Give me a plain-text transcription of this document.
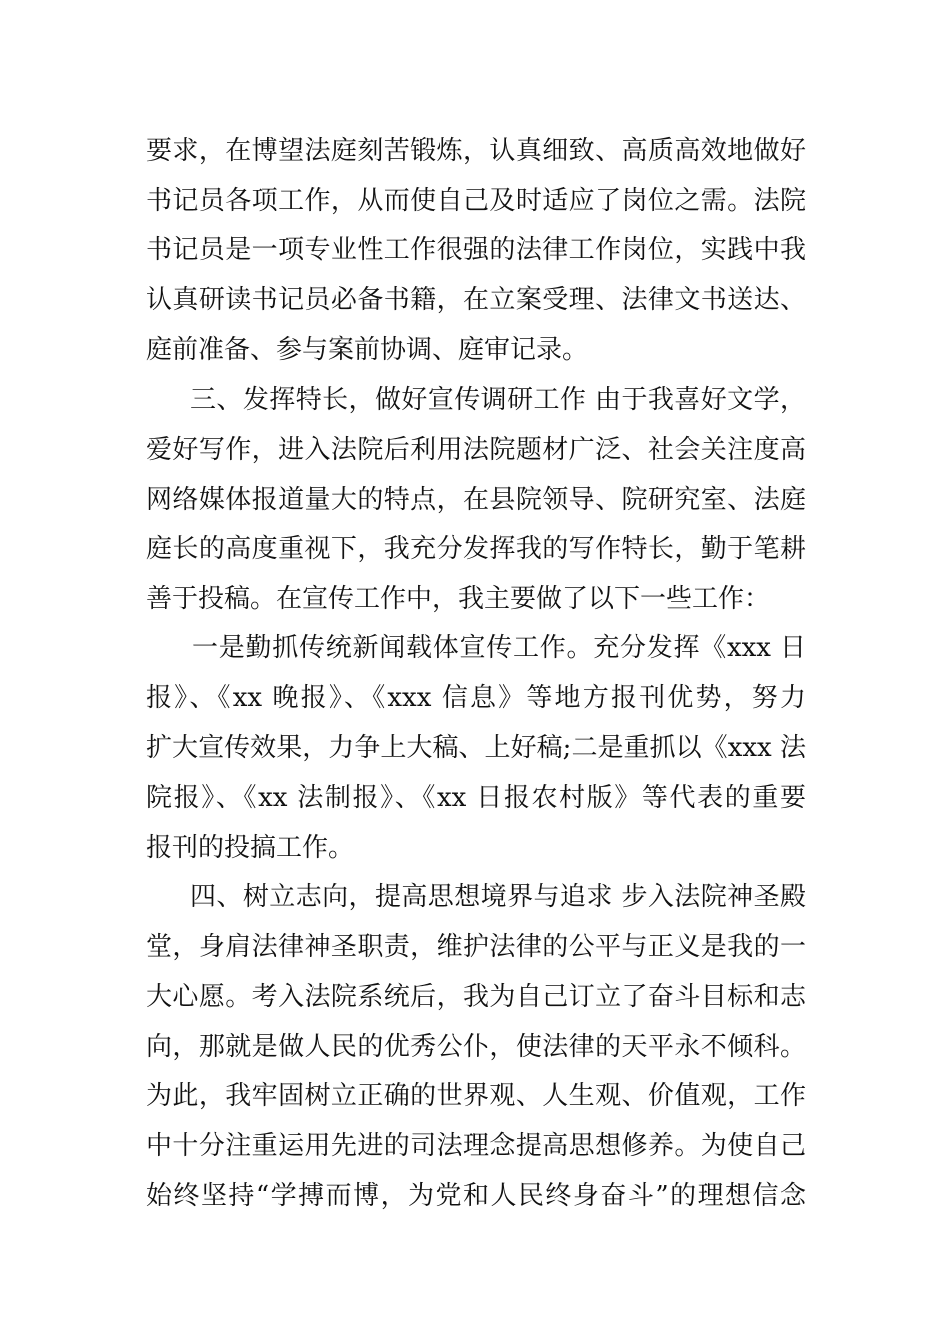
要求，在博望法庭刻苦锻炼，认真细致、高质高效地做好
书记员各项工作，从而使自己及时适应了岗位之需。法院
书记员是一项专业性工作很强的法律工作岗位，实践中我
认真研读书记员必备书籍，在立案受理、法律文书送达、
庭前准备、参与案前协调、庭审记录。
三、发挥特长，做好宣传调研工作 由于我喜好文学，
爱好写作，进入法院后利用法院题材广泛、社会关注度高
网络媒体报道量大的特点，在县院领导、院研究室、法庭
庭长的高度重视下，我充分发挥我的写作特长，勤于笔耕
善于投稿。在宣传工作中，我主要做了以下一些工作：
一是勤抓传统新闻载体宣传工作。充分发挥《xxx 日
报》、《xx 晚报》、《xxx 信息》等地方报刊优势，努力
扩大宣传效果，力争上大稿、上好稿;二是重抓以《xxx 法
院报》、《xx 法制报》、《xx 日报农村版》等代表的重要
报刊的投搞工作。
四、树立志向，提高思想境界与追求 步入法院神圣殿
堂，身肩法律神圣职责，维护法律的公平与正义是我的一
大心愿。考入法院系统后，我为自己订立了奋斗目标和志
向，那就是做人民的优秀公仆，使法律的天平永不倾科。
为此，我牢固树立正确的世界观、人生观、价值观，工作
中十分注重运用先进的司法理念提高思想修养。为使自己
始终坚持“学搏而博，为党和人民终身奋斗”的理想信念
